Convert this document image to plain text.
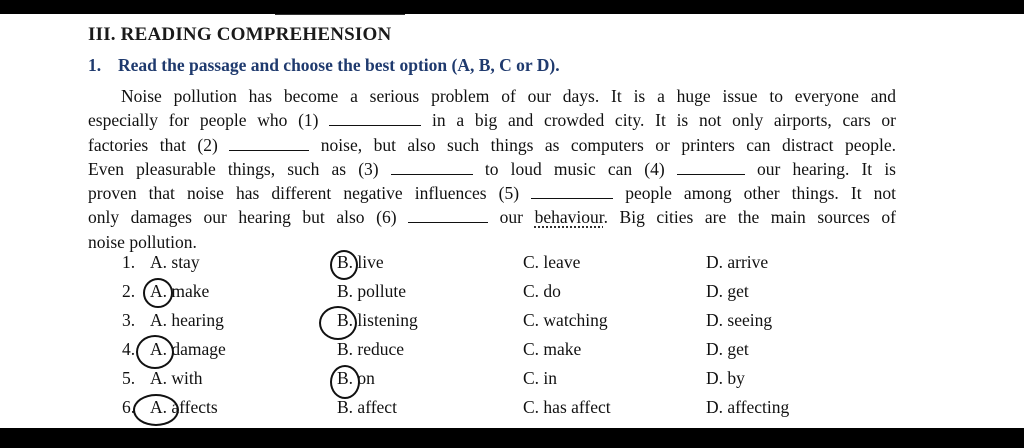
III. READING COMPREHENSION
1. Read the passage and choose the best option (A, B, C or D).
Noise pollution has become a serious problem of our days. It is a huge issue to everyone and
especially for people who (1)	in a big and crowded city. It is not only airports, cars or
factories that (2)	noise, but also such things as computers or printers can distract people.
Even pleasurable things, such as (3)	to loud music can (4)	our hearing. It is
proven that noise has different negative influences (5)	people among other things. It not
only damages our hearing but also (6)	our behaviour. Big cities are the main sources of
noise pollution.
1. A. stay	B. live	C. leave	D. arrive
2. A. make	B. pollute	C. do	D. get
3. A. hearing	B. listening	C. watching	D. seeing
4. A. damage	B. reduce	C. make	D. get
5. A. with	B. on	C. in	D. by
6. A. affects	B. affect	C. has affect	D. affecting
